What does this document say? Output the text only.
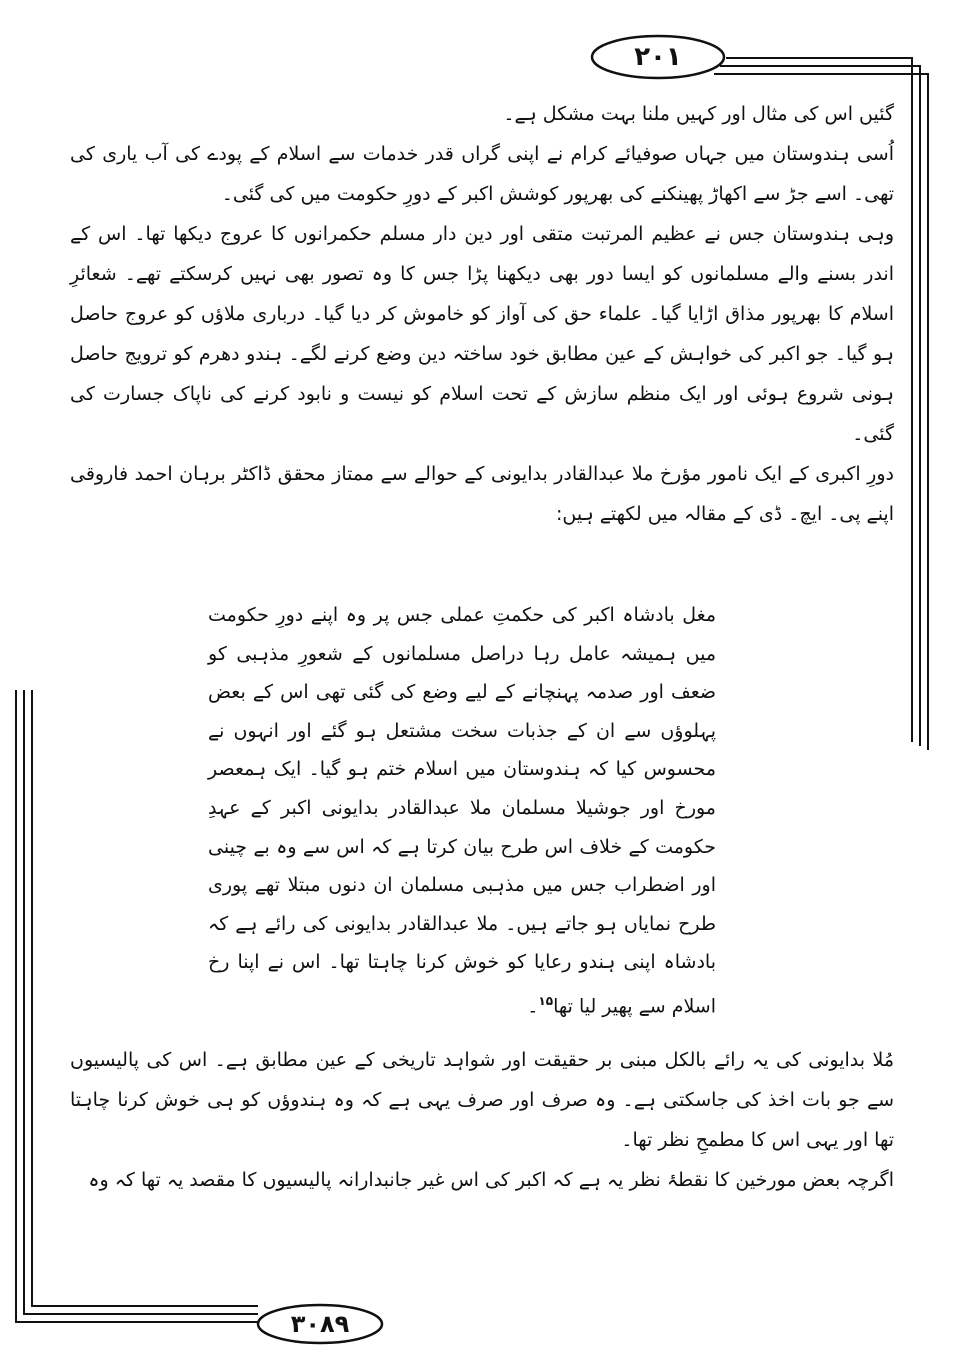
۲۰۱
۳۰۸۹

گئیں اس کی مثال اور کہیں ملنا بہت مشکل ہے۔

اُسی ہندوستان میں جہاں صوفیائے کرام نے اپنی گراں قدر خدمات سے اسلام کے پودے کی آب یاری کی تھی۔ اسے جڑ سے اکھاڑ پھینکنے کی بھرپور کوشش اکبر کے دورِ حکومت میں کی گئی۔

وہی ہندوستان جس نے عظیم المرتبت متقی اور دین دار مسلم حکمرانوں کا عروج دیکھا تھا۔ اس کے اندر بسنے والے مسلمانوں کو ایسا دور بھی دیکھنا پڑا جس کا وہ تصور بھی نہیں کرسکتے تھے۔ شعائرِ اسلام کا بھرپور مذاق اڑایا گیا۔ علماء حق کی آواز کو خاموش کر دیا گیا۔ درباری ملاؤں کو عروج حاصل ہو گیا۔ جو اکبر کی خواہش کے عین مطابق خود ساختہ دین وضع کرنے لگے۔ ہندو دھرم کو ترویج حاصل ہونی شروع ہوئی اور ایک منظم سازش کے تحت اسلام کو نیست و نابود کرنے کی ناپاک جسارت کی گئی۔

دورِ اکبری کے ایک نامور مؤرخ ملا عبدالقادر بدایونی کے حوالے سے ممتاز محقق ڈاکٹر برہان احمد فاروقی اپنے پی۔ ایچ۔ ڈی کے مقالہ میں لکھتے ہیں:

مغل بادشاہ اکبر کی حکمتِ عملی جس پر وہ اپنے دورِ حکومت میں ہمیشہ عامل رہا دراصل مسلمانوں کے شعورِ مذہبی کو ضعف اور صدمہ پہنچانے کے لیے وضع کی گئی تھی اس کے بعض پہلوؤں سے ان کے جذبات سخت مشتعل ہو گئے اور انہوں نے محسوس کیا کہ ہندوستان میں اسلام ختم ہو گیا۔ ایک ہمعصر مورخ اور جوشیلا مسلمان ملا عبدالقادر بدایونی اکبر کے عہدِ حکومت کے خلاف اس طرح بیان کرتا ہے کہ اس سے وہ بے چینی اور اضطراب جس میں مذہبی مسلمان ان دنوں مبتلا تھے پوری طرح نمایاں ہو جاتے ہیں۔ ملا عبدالقادر بدایونی کی رائے ہے کہ بادشاہ اپنی ہندو رعایا کو خوش کرنا چاہتا تھا۔ اس نے اپنا رخ اسلام سے پھیر لیا تھا$^{۱۵}$۔

مُلا بدایونی کی یہ رائے بالکل مبنی بر حقیقت اور شواہد تاریخی کے عین مطابق ہے۔ اس کی پالیسیوں سے جو بات اخذ کی جاسکتی ہے۔ وہ صرف اور صرف یہی ہے کہ وہ ہندوؤں کو ہی خوش کرنا چاہتا تھا اور یہی اس کا مطمحِ نظر تھا۔

اگرچہ بعض مورخین کا نقطۂ نظر یہ ہے کہ اکبر کی اس غیر جانبدارانہ پالیسیوں کا مقصد یہ تھا کہ وہ
